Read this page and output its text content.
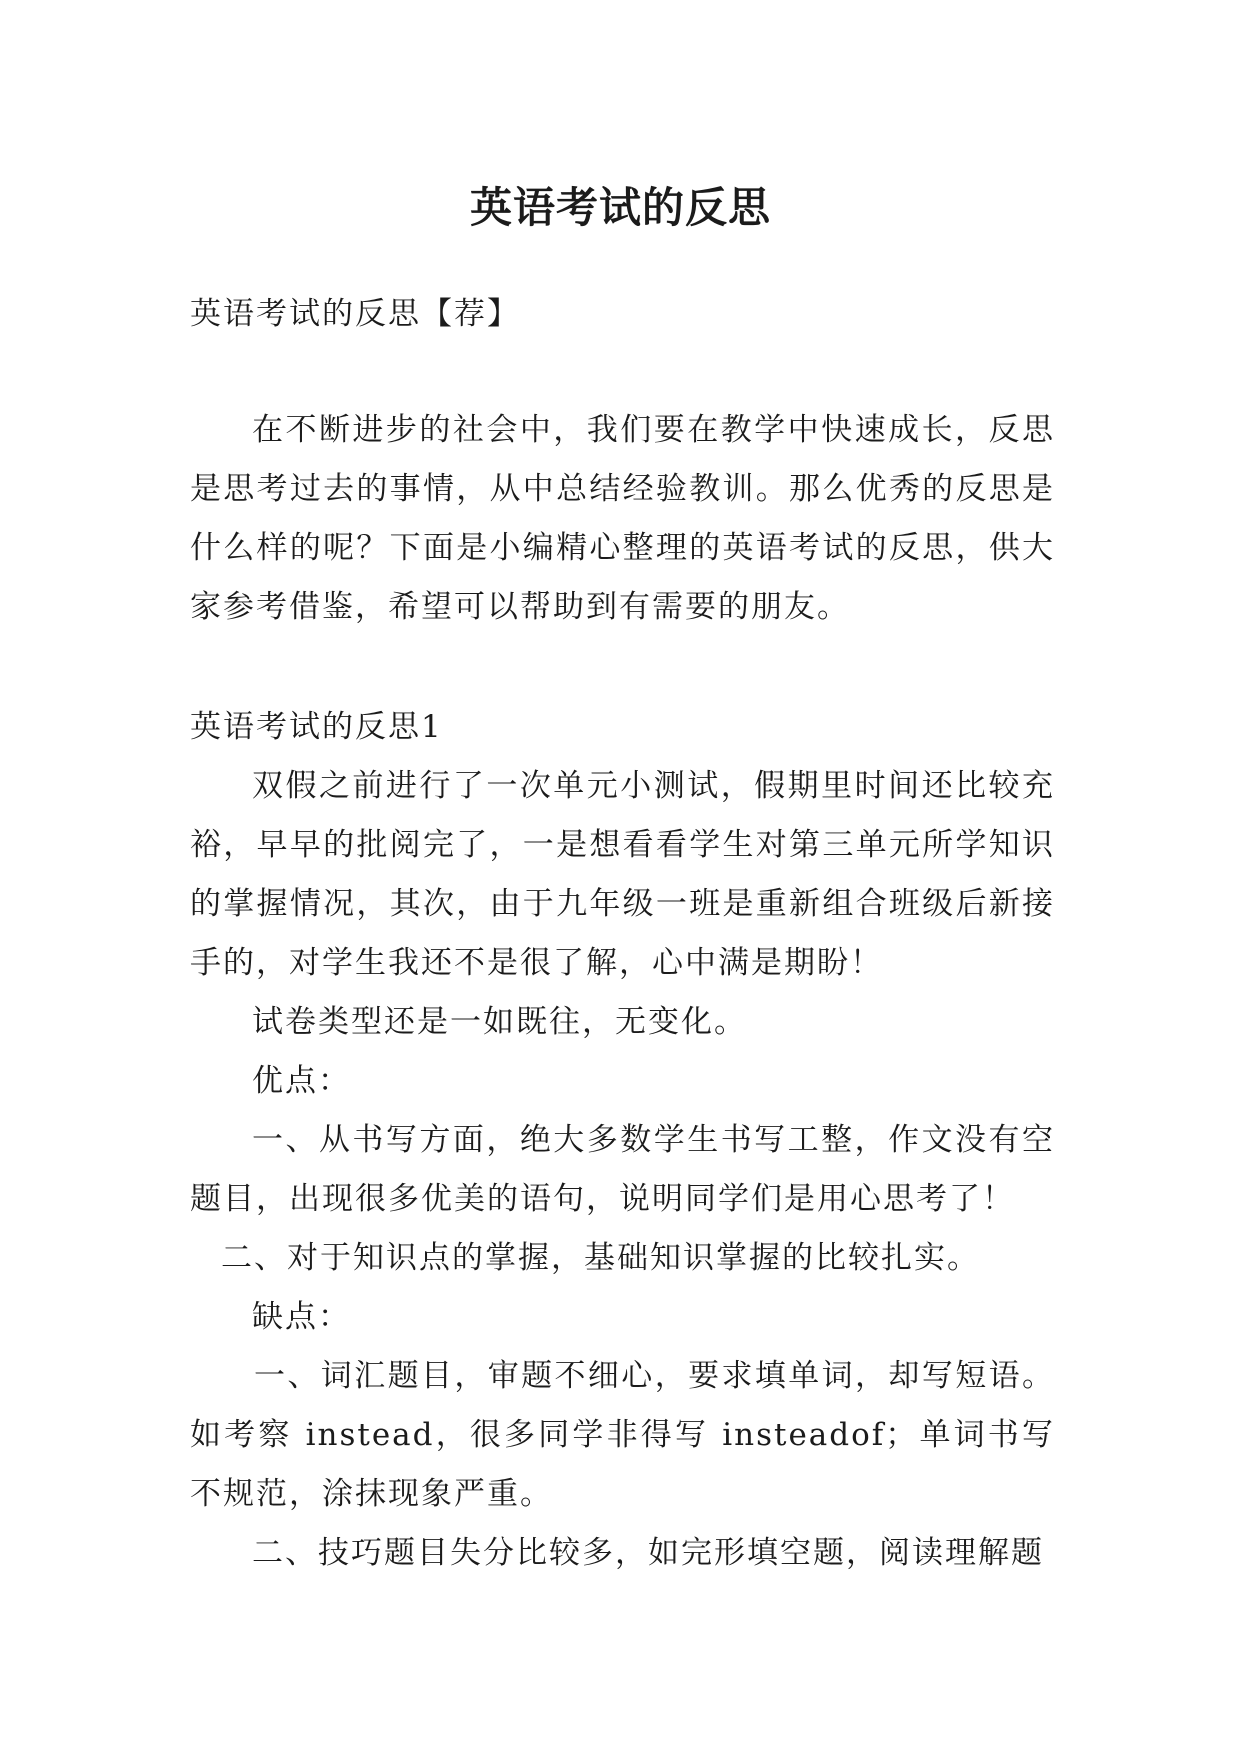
英语考试的反思

英语考试的反思【荐】

在不断进步的社会中，我们要在教学中快速成长，反思是思考过去的事情，从中总结经验教训。那么优秀的反思是什么样的呢？下面是小编精心整理的英语考试的反思，供大家参考借鉴，希望可以帮助到有需要的朋友。

英语考试的反思1

双假之前进行了一次单元小测试，假期里时间还比较充裕，早早的批阅完了，一是想看看学生对第三单元所学知识的掌握情况，其次，由于九年级一班是重新组合班级后新接手的，对学生我还不是很了解，心中满是期盼！

试卷类型还是一如既往，无变化。

优点：

一、从书写方面，绝大多数学生书写工整，作文没有空题目，出现很多优美的语句，说明同学们是用心思考了！

二、对于知识点的掌握，基础知识掌握的比较扎实。

缺点：

一、词汇题目，审题不细心，要求填单词，却写短语。如考察 instead，很多同学非得写 insteadof；单词书写不规范，涂抹现象严重。

二、技巧题目失分比较多，如完形填空题，阅读理解题
